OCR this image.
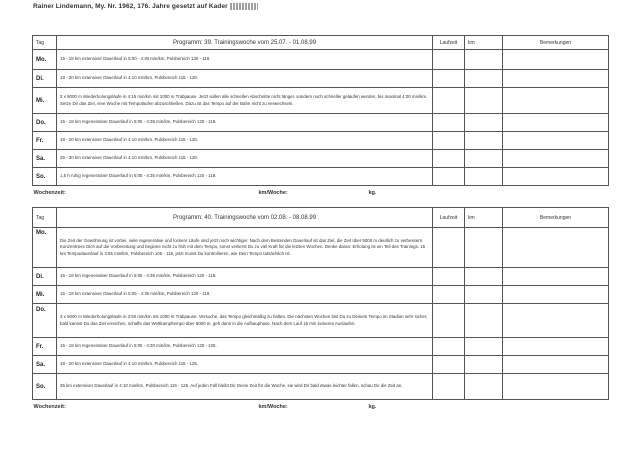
Rainer Lindemann, My. Nr. 1962, 176. Jahre gesetzt auf Kader
Tag	Programm: 39. Trainingswoche vom 25.07. - 01.08.99	Laufzeit	km	Bemerkungen
Mo.	15 - 18 km extensiver Dauerlauf in 5:00 - 4:30 min/km, Pulsbereich 130 - 118.			
Di.	18 - 20 km extensiver Dauerlauf in 4:10 min/km, Pulsbereich 115 - 120.			
Mi.	3 x 5000 m Wiederholungsläufe in 4:15 min/km mit 1000 m Trabpause. Jetzt sollen alle schnellen Abschnitte nicht länger, sondern noch schneller gelaufen werden, bis maximal 4:00 min/km. Setze Dir das Ziel, eine Woche mit Tempoläufen abzuschließen. Dazu ist das Tempo auf der Bahn nicht zu verwechseln.			
Do.	15 - 18 km regenerativer Dauerlauf in 5:05 - 4:35 min/km, Pulsbereich 120 - 118.			
Fr.	18 - 20 km extensiver Dauerlauf in 4:10 min/km, Pulsbereich 115 - 120.			
Sa.	25 - 30 km extensiver Dauerlauf in 4:10 min/km, Pulsbereich 115 - 120.			
So.	1,5 h ruhig regenerativer Dauerlauf in 5:05 - 4:35 min/km, Pulsbereich 120 - 118.			
Wochenzeit: km/Woche: kg.				
Tag	Programm: 40. Trainingswoche vom 02.08. - 08.08.99	Laufzeit	km	Bemerkungen
Mo.	Die Zeit der Gewöhnung ist vorbei, viele regenerative und lockere Läufe sind jetzt noch wichtiger. Nach dem Bestenden Dauerlauf ist das Ziel, die Zeit über 5000 m deutlich zu verbessern. Konzentriere Dich auf die Vorbereitung und beginne nicht zu früh mit dem Tempo, sonst verlierst Du zu viel Kraft für die letzten Wochen. Denke daran: Erholung ist ein Teil des Trainings. 15 km Tempodauerlauf in 3:55 min/km, Pulsbereich 105 - 115, jetzt musst Du kontrollieren, wie Dein Tempo tatsächlich ist.			
Di.	16 - 18 km regenerativer Dauerlauf in 5:05 - 4:35 min/km, Pulsbereich 120 - 118.			
Mi.	16 - 18 km extensiver Dauerlauf in 5:05 - 4:35 min/km, Pulsbereich 120 - 118.			
Do.	3 x 5000 m Wiederholungsläufe in 3:50 min/km mit 1000 m Trabpause. Versuche, das Tempo gleichmäßig zu halten. Die nächsten Wochen bist Du zu Deinem Tempo im Stadion sehr sicher, bald kannst Du das Ziel erreichen, schaffe das Wettkampftempo über 5000 m, geh dann in die Aufbauphase. Nach dem Lauf 15 min lockeres Auslaufen.			
Fr.	15 - 18 km regenerativer Dauerlauf in 5:05 - 4:30 min/km, Pulsbereich 120 - 105.			
Sa.	18 - 20 km extensiver Dauerlauf in 4:10 min/km, Pulsbereich 115 - 125.			
So.	35 km extensiver Dauerlauf in 4:10 min/km, Pulsbereich 115 - 125. Auf jeden Fall bleibt Dir Deine Zeit für die Woche, sie wird Dir bald etwas leichter fallen, schau Dir die Zeit an.			
Wochenzeit: km/Woche: kg.				
